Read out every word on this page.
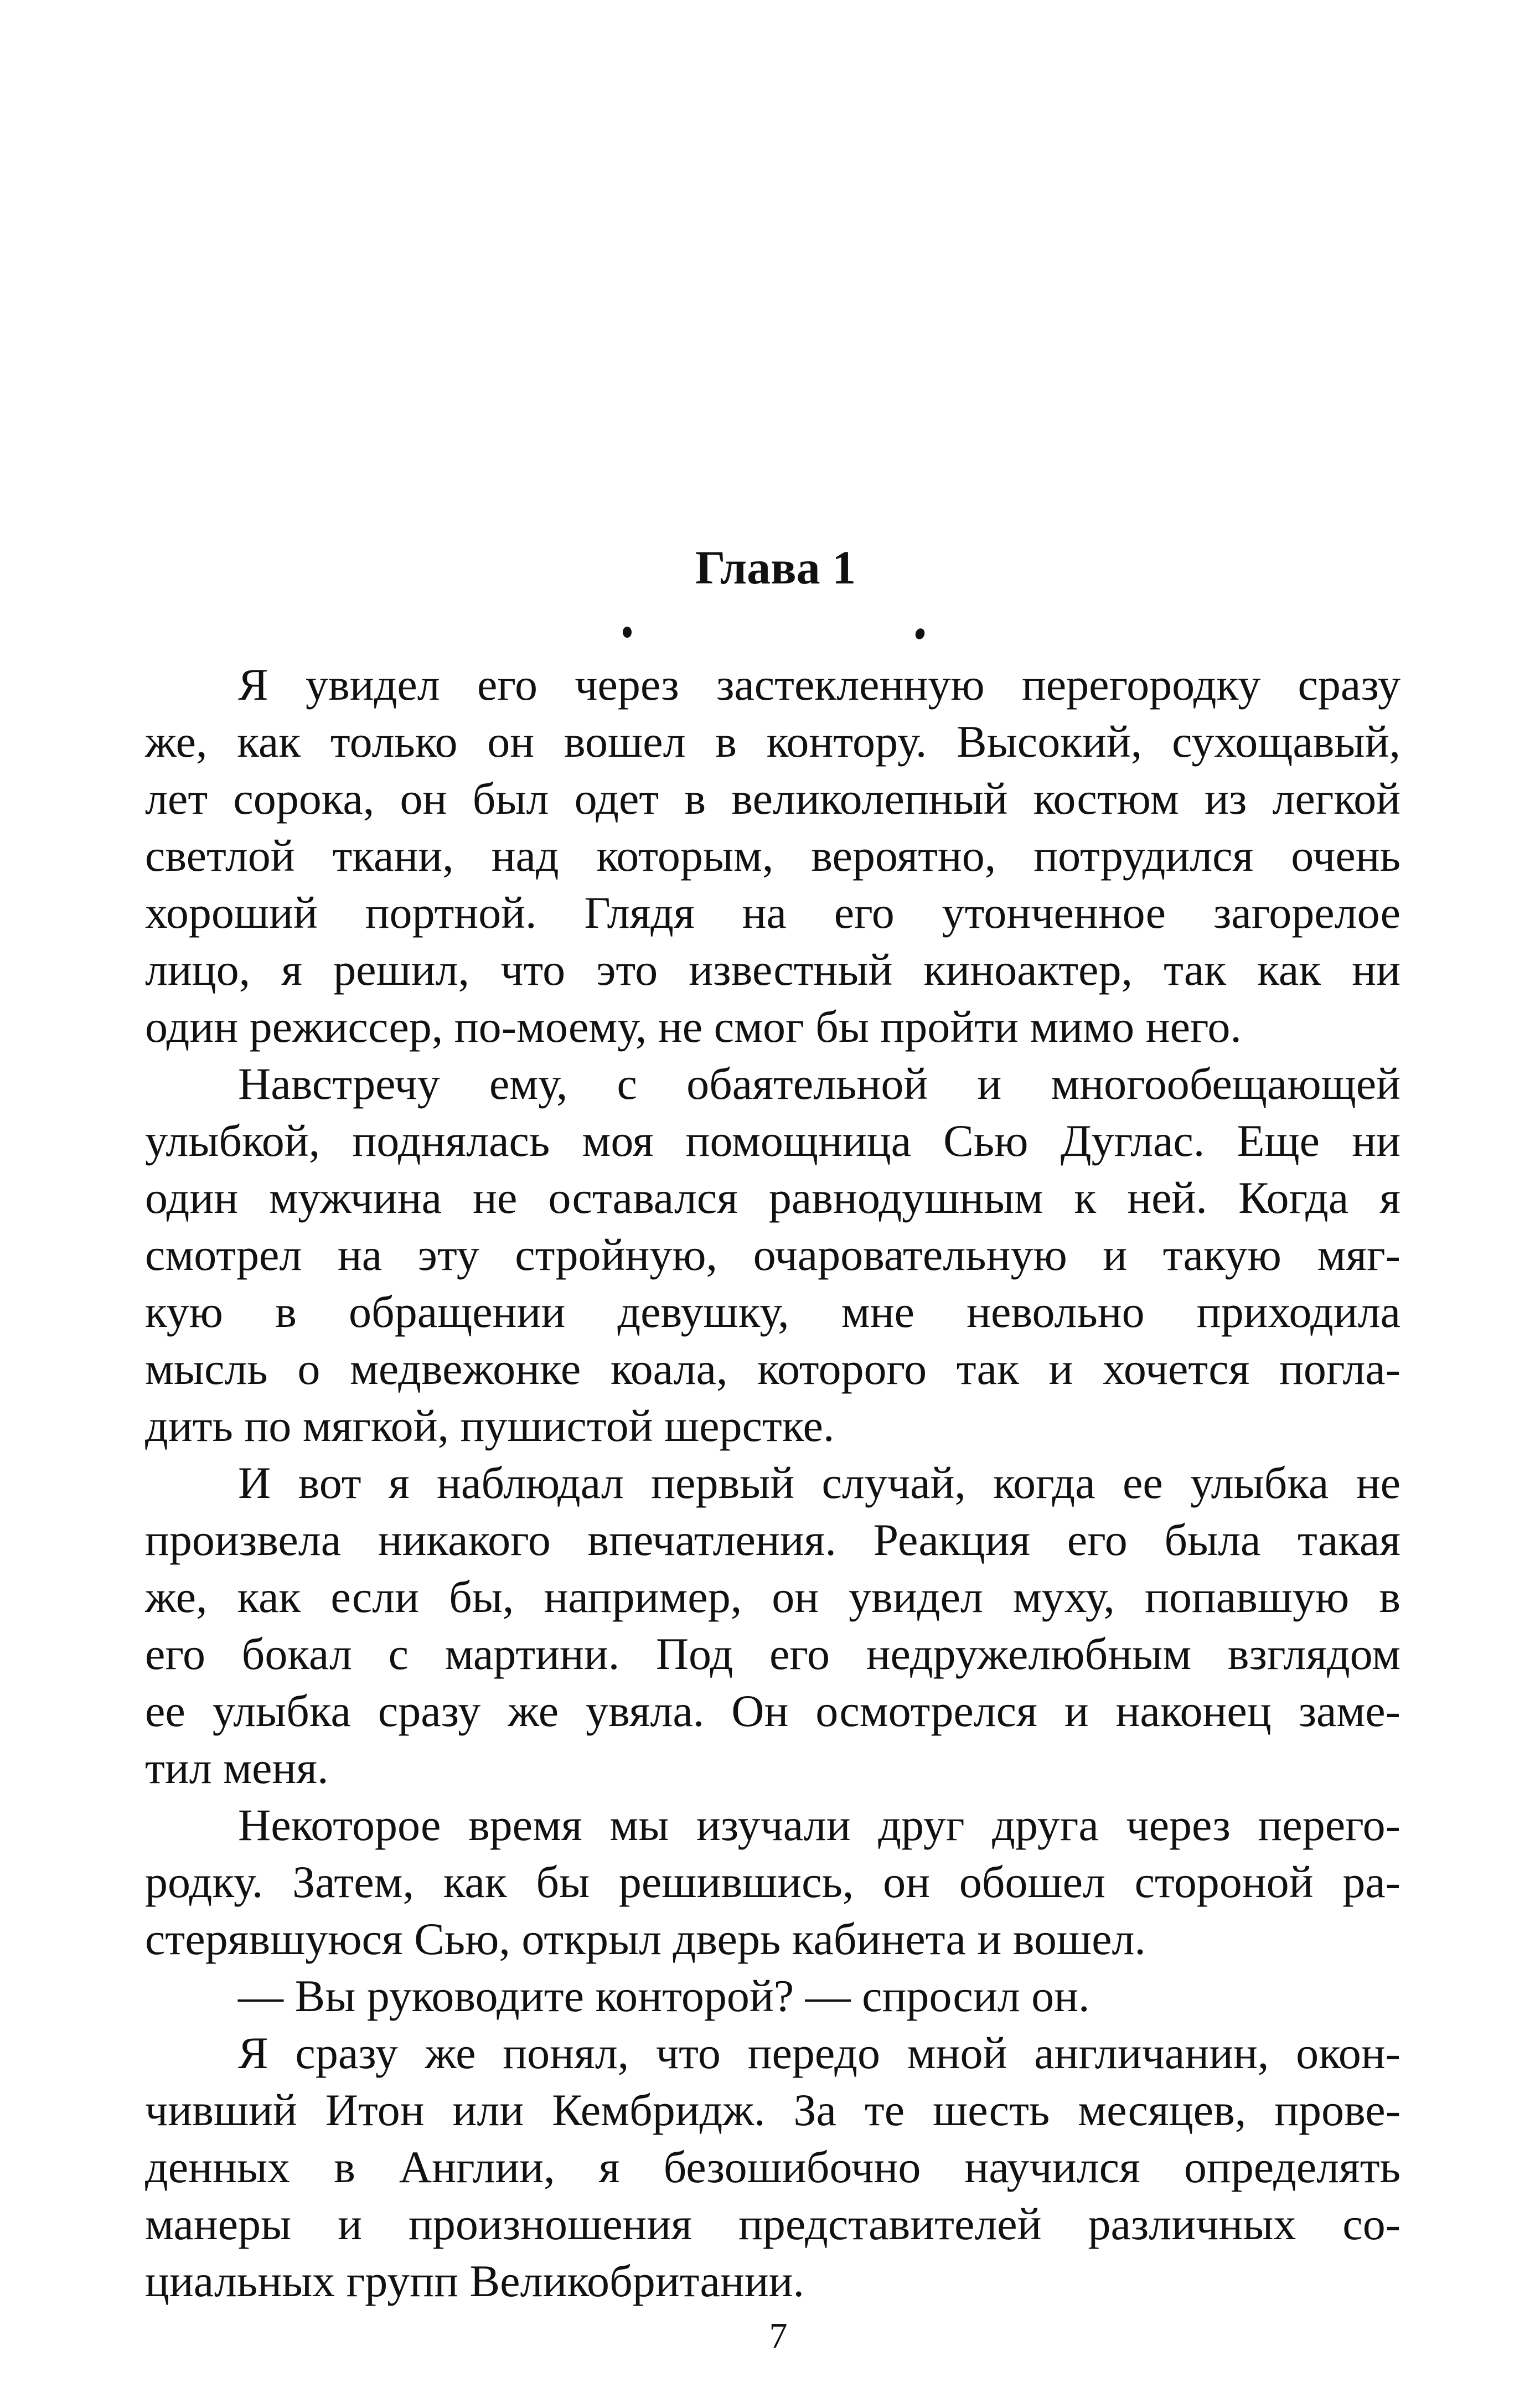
Глава 1
Я увидел его через застекленную перегородку сразу
же, как только он вошел в контору. Высокий, сухощавый,
лет сорока, он был одет в великолепный костюм из легкой
светлой ткани, над которым, вероятно, потрудился очень
хороший портной. Глядя на его утонченное загорелое
лицо, я решил, что это известный киноактер, так как ни
один режиссер, по-моему, не смог бы пройти мимо него.
Навстречу ему, с обаятельной и многообещающей
улыбкой, поднялась моя помощница Сью Дуглас. Еще ни
один мужчина не оставался равнодушным к ней. Когда я
смотрел на эту стройную, очаровательную и такую мяг-
кую в обращении девушку, мне невольно приходила
мысль о медвежонке коала, которого так и хочется погла-
дить по мягкой, пушистой шерстке.
И вот я наблюдал первый случай, когда ее улыбка не
произвела никакого впечатления. Реакция его была такая
же, как если бы, например, он увидел муху, попавшую в
его бокал с мартини. Под его недружелюбным взглядом
ее улыбка сразу же увяла. Он осмотрелся и наконец заме-
тил меня.
Некоторое время мы изучали друг друга через перего-
родку. Затем, как бы решившись, он обошел стороной ра-
стерявшуюся Сью, открыл дверь кабинета и вошел.
— Вы руководите конторой? — спросил он.
Я сразу же понял, что передо мной англичанин, окон-
чивший Итон или Кембридж. За те шесть месяцев, прове-
денных в Англии, я безошибочно научился определять
манеры и произношения представителей различных со-
циальных групп Великобритании.
7
